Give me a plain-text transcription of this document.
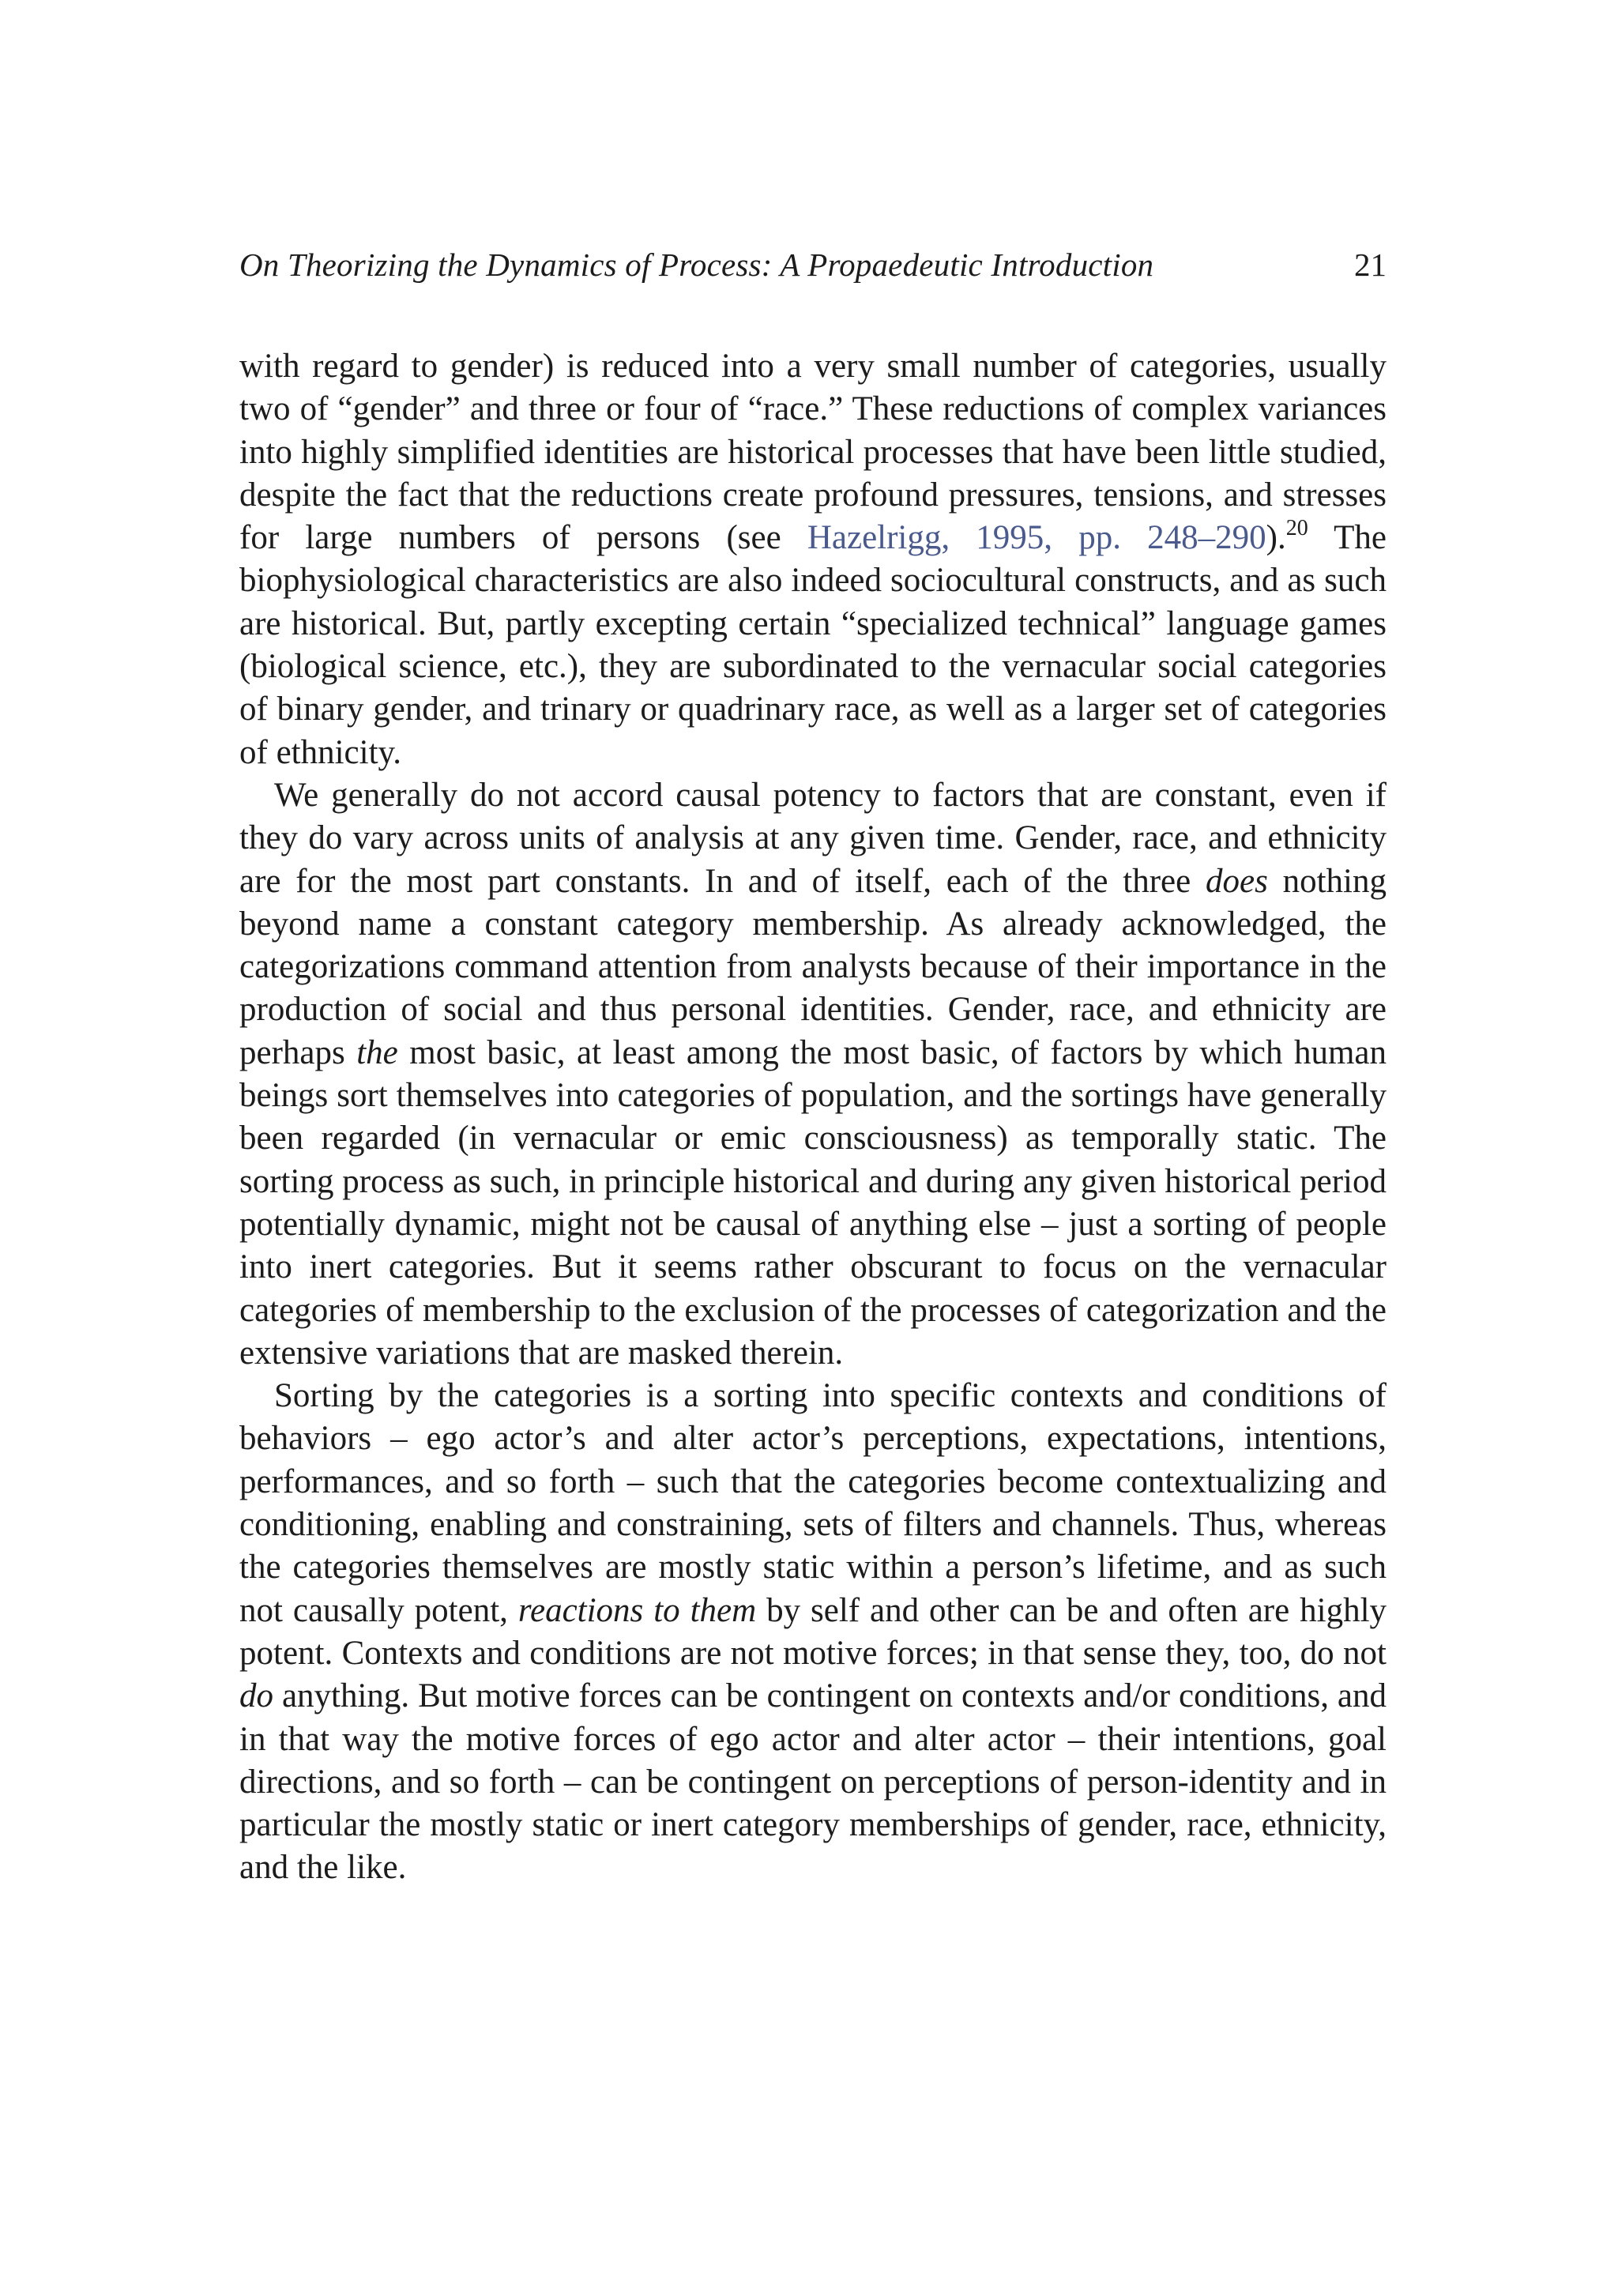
On Theorizing the Dynamics of Process: A Propaedeutic Introduction	21

with regard to gender) is reduced into a very small number of categories, usually two of “gender” and three or four of “race.” These reductions of complex variances into highly simplified identities are historical processes that have been little studied, despite the fact that the reductions create profound pressures, tensions, and stresses for large numbers of persons (see Hazelrigg, 1995, pp. 248–290).$^{20}$ The biophysiological characteristics are also indeed sociocultural constructs, and as such are historical. But, partly excepting certain “specialized technical” language games (biological science, etc.), they are subordinated to the vernacular social categories of binary gender, and trinary or quadrinary race, as well as a larger set of categories of ethnicity.

We generally do not accord causal potency to factors that are constant, even if they do vary across units of analysis at any given time. Gender, race, and ethnicity are for the most part constants. In and of itself, each of the three does nothing beyond name a constant category membership. As already acknowledged, the categorizations command attention from analysts because of their importance in the production of social and thus personal identities. Gender, race, and ethnicity are perhaps the most basic, at least among the most basic, of factors by which human beings sort themselves into categories of population, and the sortings have generally been regarded (in vernacular or emic consciousness) as temporally static. The sorting process as such, in principle historical and during any given historical period potentially dynamic, might not be causal of anything else – just a sorting of people into inert categories. But it seems rather obscurant to focus on the vernacular categories of membership to the exclusion of the processes of categorization and the extensive variations that are masked therein.

Sorting by the categories is a sorting into specific contexts and conditions of behaviors – ego actor’s and alter actor’s perceptions, expectations, intentions, performances, and so forth – such that the categories become contextualizing and conditioning, enabling and constraining, sets of filters and channels. Thus, whereas the categories themselves are mostly static within a person’s lifetime, and as such not causally potent, reactions to them by self and other can be and often are highly potent. Contexts and conditions are not motive forces; in that sense they, too, do not do anything. But motive forces can be contingent on contexts and/or conditions, and in that way the motive forces of ego actor and alter actor – their intentions, goal directions, and so forth – can be contingent on perceptions of person-identity and in particular the mostly static or inert category memberships of gender, race, ethnicity, and the like.
